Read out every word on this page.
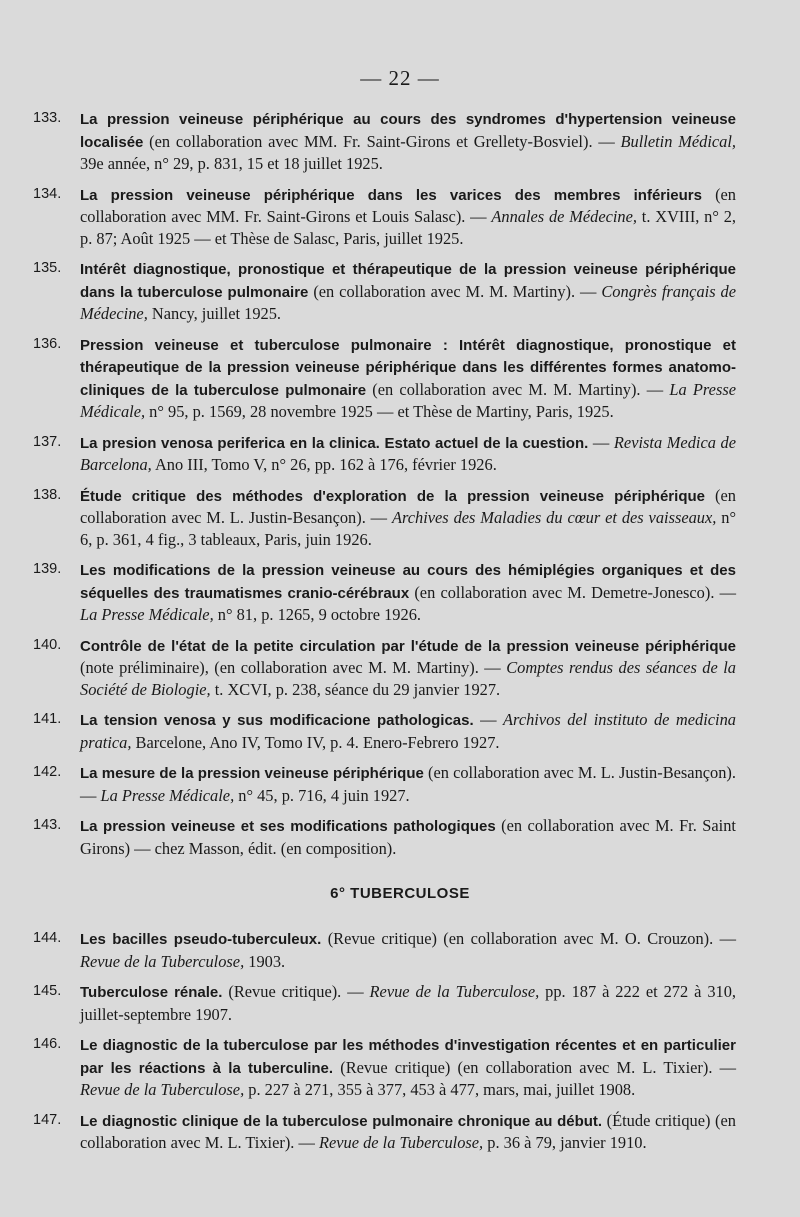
— 22 —
133.	La pression veineuse périphérique au cours des syndromes d'hypertension veineuse localisée (en collaboration avec MM. Fr. Saint-Girons et Grellety-Bosviel). — Bulletin Médical, 39e année, n° 29, p. 831, 15 et 18 juillet 1925.
134.	La pression veineuse périphérique dans les varices des membres inférieurs (en collaboration avec MM. Fr. Saint-Girons et Louis Salasc). — Annales de Médecine, t. XVIII, n° 2, p. 87; Août 1925 — et Thèse de Salasc, Paris, juillet 1925.
135.	Intérêt diagnostique, pronostique et thérapeutique de la pression veineuse périphérique dans la tuberculose pulmonaire (en collaboration avec M. M. Martiny). — Congrès français de Médecine, Nancy, juillet 1925.
136.	Pression veineuse et tuberculose pulmonaire : Intérêt diagnostique, pronostique et thérapeutique de la pression veineuse périphérique dans les différentes formes anatomo-cliniques de la tuberculose pulmonaire (en collaboration avec M. M. Martiny). — La Presse Médicale, n° 95, p. 1569, 28 novembre 1925 — et Thèse de Martiny, Paris, 1925.
137.	La presion venosa periferica en la clinica. Estato actuel de la cuestion. — Revista Medica de Barcelona, Ano III, Tomo V, n° 26, pp. 162 à 176, février 1926.
138.	Étude critique des méthodes d'exploration de la pression veineuse périphérique (en collaboration avec M. L. Justin-Besançon). — Archives des Maladies du cœur et des vaisseaux, n° 6, p. 361, 4 fig., 3 tableaux, Paris, juin 1926.
139.	Les modifications de la pression veineuse au cours des hémiplégies organiques et des séquelles des traumatismes cranio-cérébraux (en collaboration avec M. Demetre-Jonesco). — La Presse Médicale, n° 81, p. 1265, 9 octobre 1926.
140.	Contrôle de l'état de la petite circulation par l'étude de la pression veineuse périphérique (note préliminaire), (en collaboration avec M. M. Martiny). — Comptes rendus des séances de la Société de Biologie, t. XCVI, p. 238, séance du 29 janvier 1927.
141.	La tension venosa y sus modificacione pathologicas. — Archivos del instituto de medicina pratica, Barcelone, Ano IV, Tomo IV, p. 4. Enero-Febrero 1927.
142.	La mesure de la pression veineuse périphérique (en collaboration avec M. L. Justin-Besançon). — La Presse Médicale, n° 45, p. 716, 4 juin 1927.
143.	La pression veineuse et ses modifications pathologiques (en collaboration avec M. Fr. Saint Girons) — chez Masson, édit. (en composition).
6° TUBERCULOSE
144.	Les bacilles pseudo-tuberculeux. (Revue critique) (en collaboration avec M. O. Crouzon). — Revue de la Tuberculose, 1903.
145.	Tuberculose rénale. (Revue critique). — Revue de la Tuberculose, pp. 187 à 222 et 272 à 310, juillet-septembre 1907.
146.	Le diagnostic de la tuberculose par les méthodes d'investigation récentes et en particulier par les réactions à la tuberculine. (Revue critique) (en collaboration avec M. L. Tixier). — Revue de la Tuberculose, p. 227 à 271, 355 à 377, 453 à 477, mars, mai, juillet 1908.
147.	Le diagnostic clinique de la tuberculose pulmonaire chronique au début. (Étude critique) (en collaboration avec M. L. Tixier). — Revue de la Tuberculose, p. 36 à 79, janvier 1910.
